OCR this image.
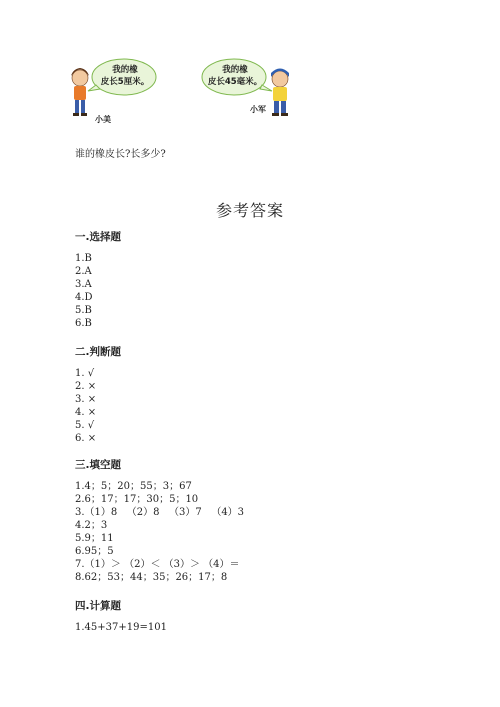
我的橡
皮长5厘米。
我的橡
皮长45毫米。
小美
小军
谁的橡皮长?长多少?
参考答案
一.选择题
1.B
2.A
3.A
4.D
5.B
6.B
二.判断题
1. √
2. ×
3. ×
4. ×
5. √
6. ×
三.填空题
1.4；5；20；55；3；67
2.6；17；17；30；5；10
3.（1）8   （2）8   （3）7   （4）3
4.2；3
5.9；11
6.95；5
7.（1）＞ （2）＜ （3）＞ （4）＝
8.62；53；44；35；26；17；8
四.计算题
1.45+37+19=101
